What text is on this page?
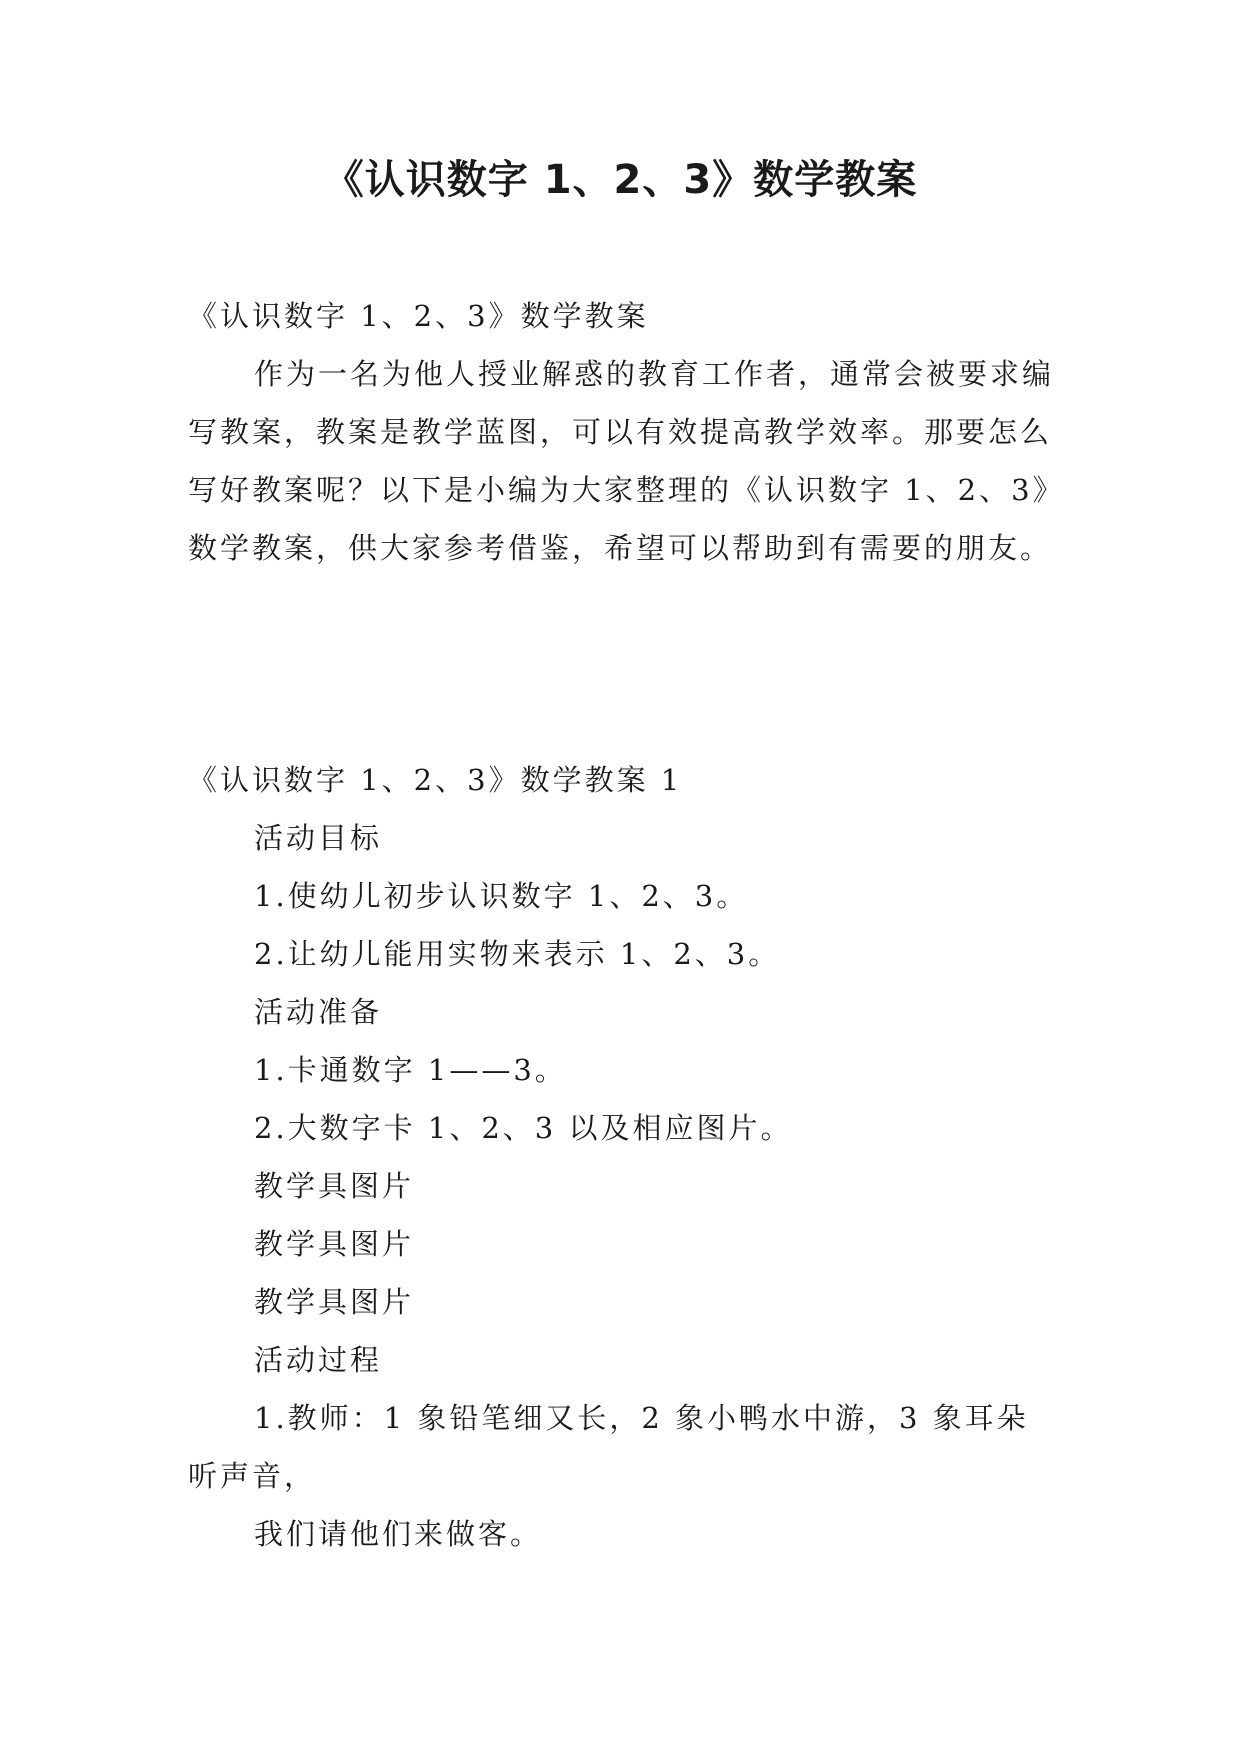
《认识数字 1、2、3》数学教案

《认识数字 1、2、3》数学教案

作为一名为他人授业解惑的教育工作者，通常会被要求编写教案，教案是教学蓝图，可以有效提高教学效率。那要怎么写好教案呢？以下是小编为大家整理的《认识数字 1、2、3》数学教案，供大家参考借鉴，希望可以帮助到有需要的朋友。

《认识数字 1、2、3》数学教案 1

活动目标

1.使幼儿初步认识数字 1、2、3。

2.让幼儿能用实物来表示 1、2、3。

活动准备

1.卡通数字 1——3。

2.大数字卡 1、2、3 以及相应图片。

教学具图片

教学具图片

教学具图片

活动过程

1.教师：1 象铅笔细又长，2 象小鸭水中游，3 象耳朵听声音，

我们请他们来做客。
